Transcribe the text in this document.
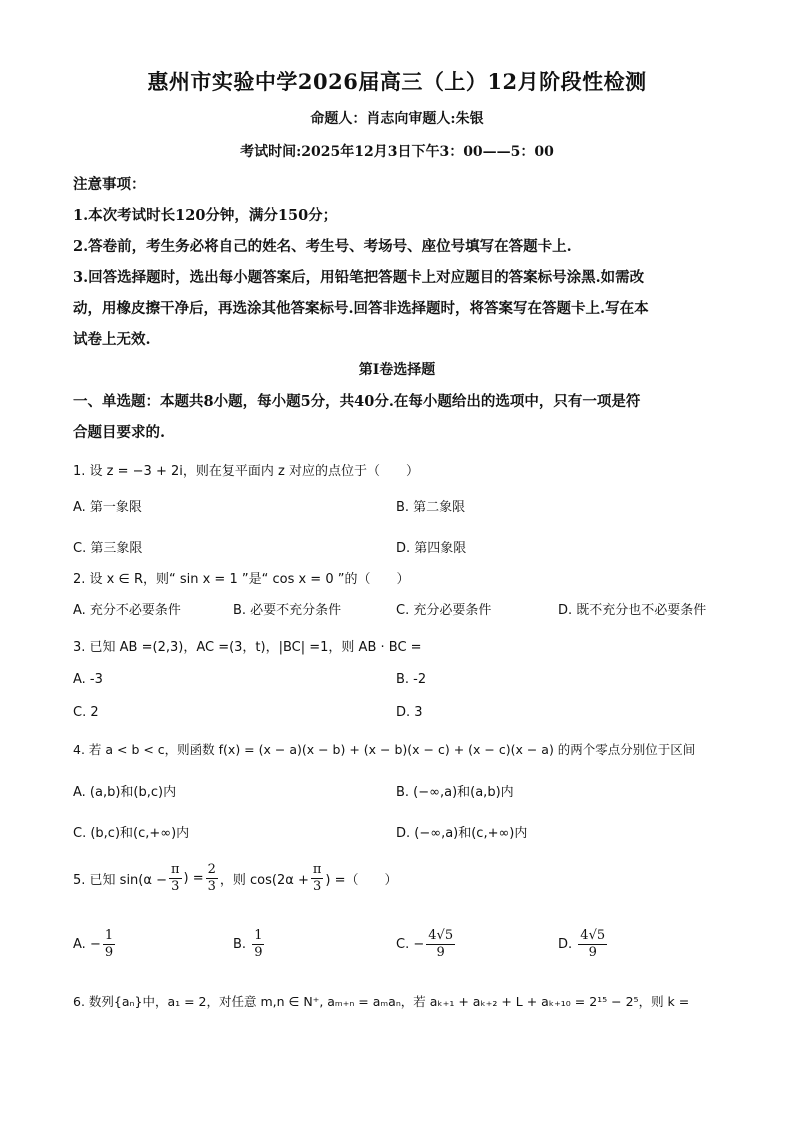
惠州市实验中学2026届高三（上）12月阶段性检测
命题人：肖志向审题人:朱银
考试时间:2025年12月3日下午3：00——5：00
注意事项：
1.本次考试时长120分钟，满分150分；
2.答卷前，考生务必将自己的姓名、考生号、考场号、座位号填写在答题卡上.
3.回答选择题时，选出每小题答案后，用铅笔把答题卡上对应题目的答案标号涂黑.如需改
动，用橡皮擦干净后，再选涂其他答案标号.回答非选择题时，将答案写在答题卡上.写在本
试卷上无效.
第I卷选择题
一、单选题：本题共8小题，每小题5分，共40分.在每小题给出的选项中，只有一项是符
合题目要求的.
1. 设 z = −3 + 2i，则在复平面内 z 对应的点位于（　　）
A. 第一象限	B. 第二象限
C. 第三象限	D. 第四象限
2. 设 x ∈ R，则“ sin x = 1 ”是“ cos x = 0 ”的（　　）
A. 充分不必要条件	B. 必要不充分条件	C. 充分必要条件	D. 既不充分也不必要条件
3. 已知 AB =(2,3)，AC =(3，t)，|BC| =1，则 AB · BC =
A. -3	B. -2
C. 2	D. 3
4. 若 a < b < c，则函数 f(x) = (x − a)(x − b) + (x − b)(x − c) + (x − c)(x − a) 的两个零点分别位于区间
A. (a,b)和(b,c)内	B. (−∞,a)和(a,b)内
C. (b,c)和(c,+∞)内	D. (−∞,a)和(c,+∞)内
5. 已知 $\sin(\alpha - \frac{\pi}{3}$ ) = $\frac{2}{3}$ ，则 $\cos(2\alpha + \frac{\pi}{3}$ ) =（　　）
A.
− $\frac{1}{9}$	B.
$\frac{1}{9}$	C.
− $\frac{4√5}{9}$	D.
$\frac{4√5}{9}$
6. 数列{aₙ}中，a₁ = 2，对任意 m,n ∈ N⁺, aₘ₊ₙ = aₘaₙ，若 aₖ₊₁ + aₖ₊₂ + L + aₖ₊₁₀ = 2¹⁵ − 2⁵，则 k =
